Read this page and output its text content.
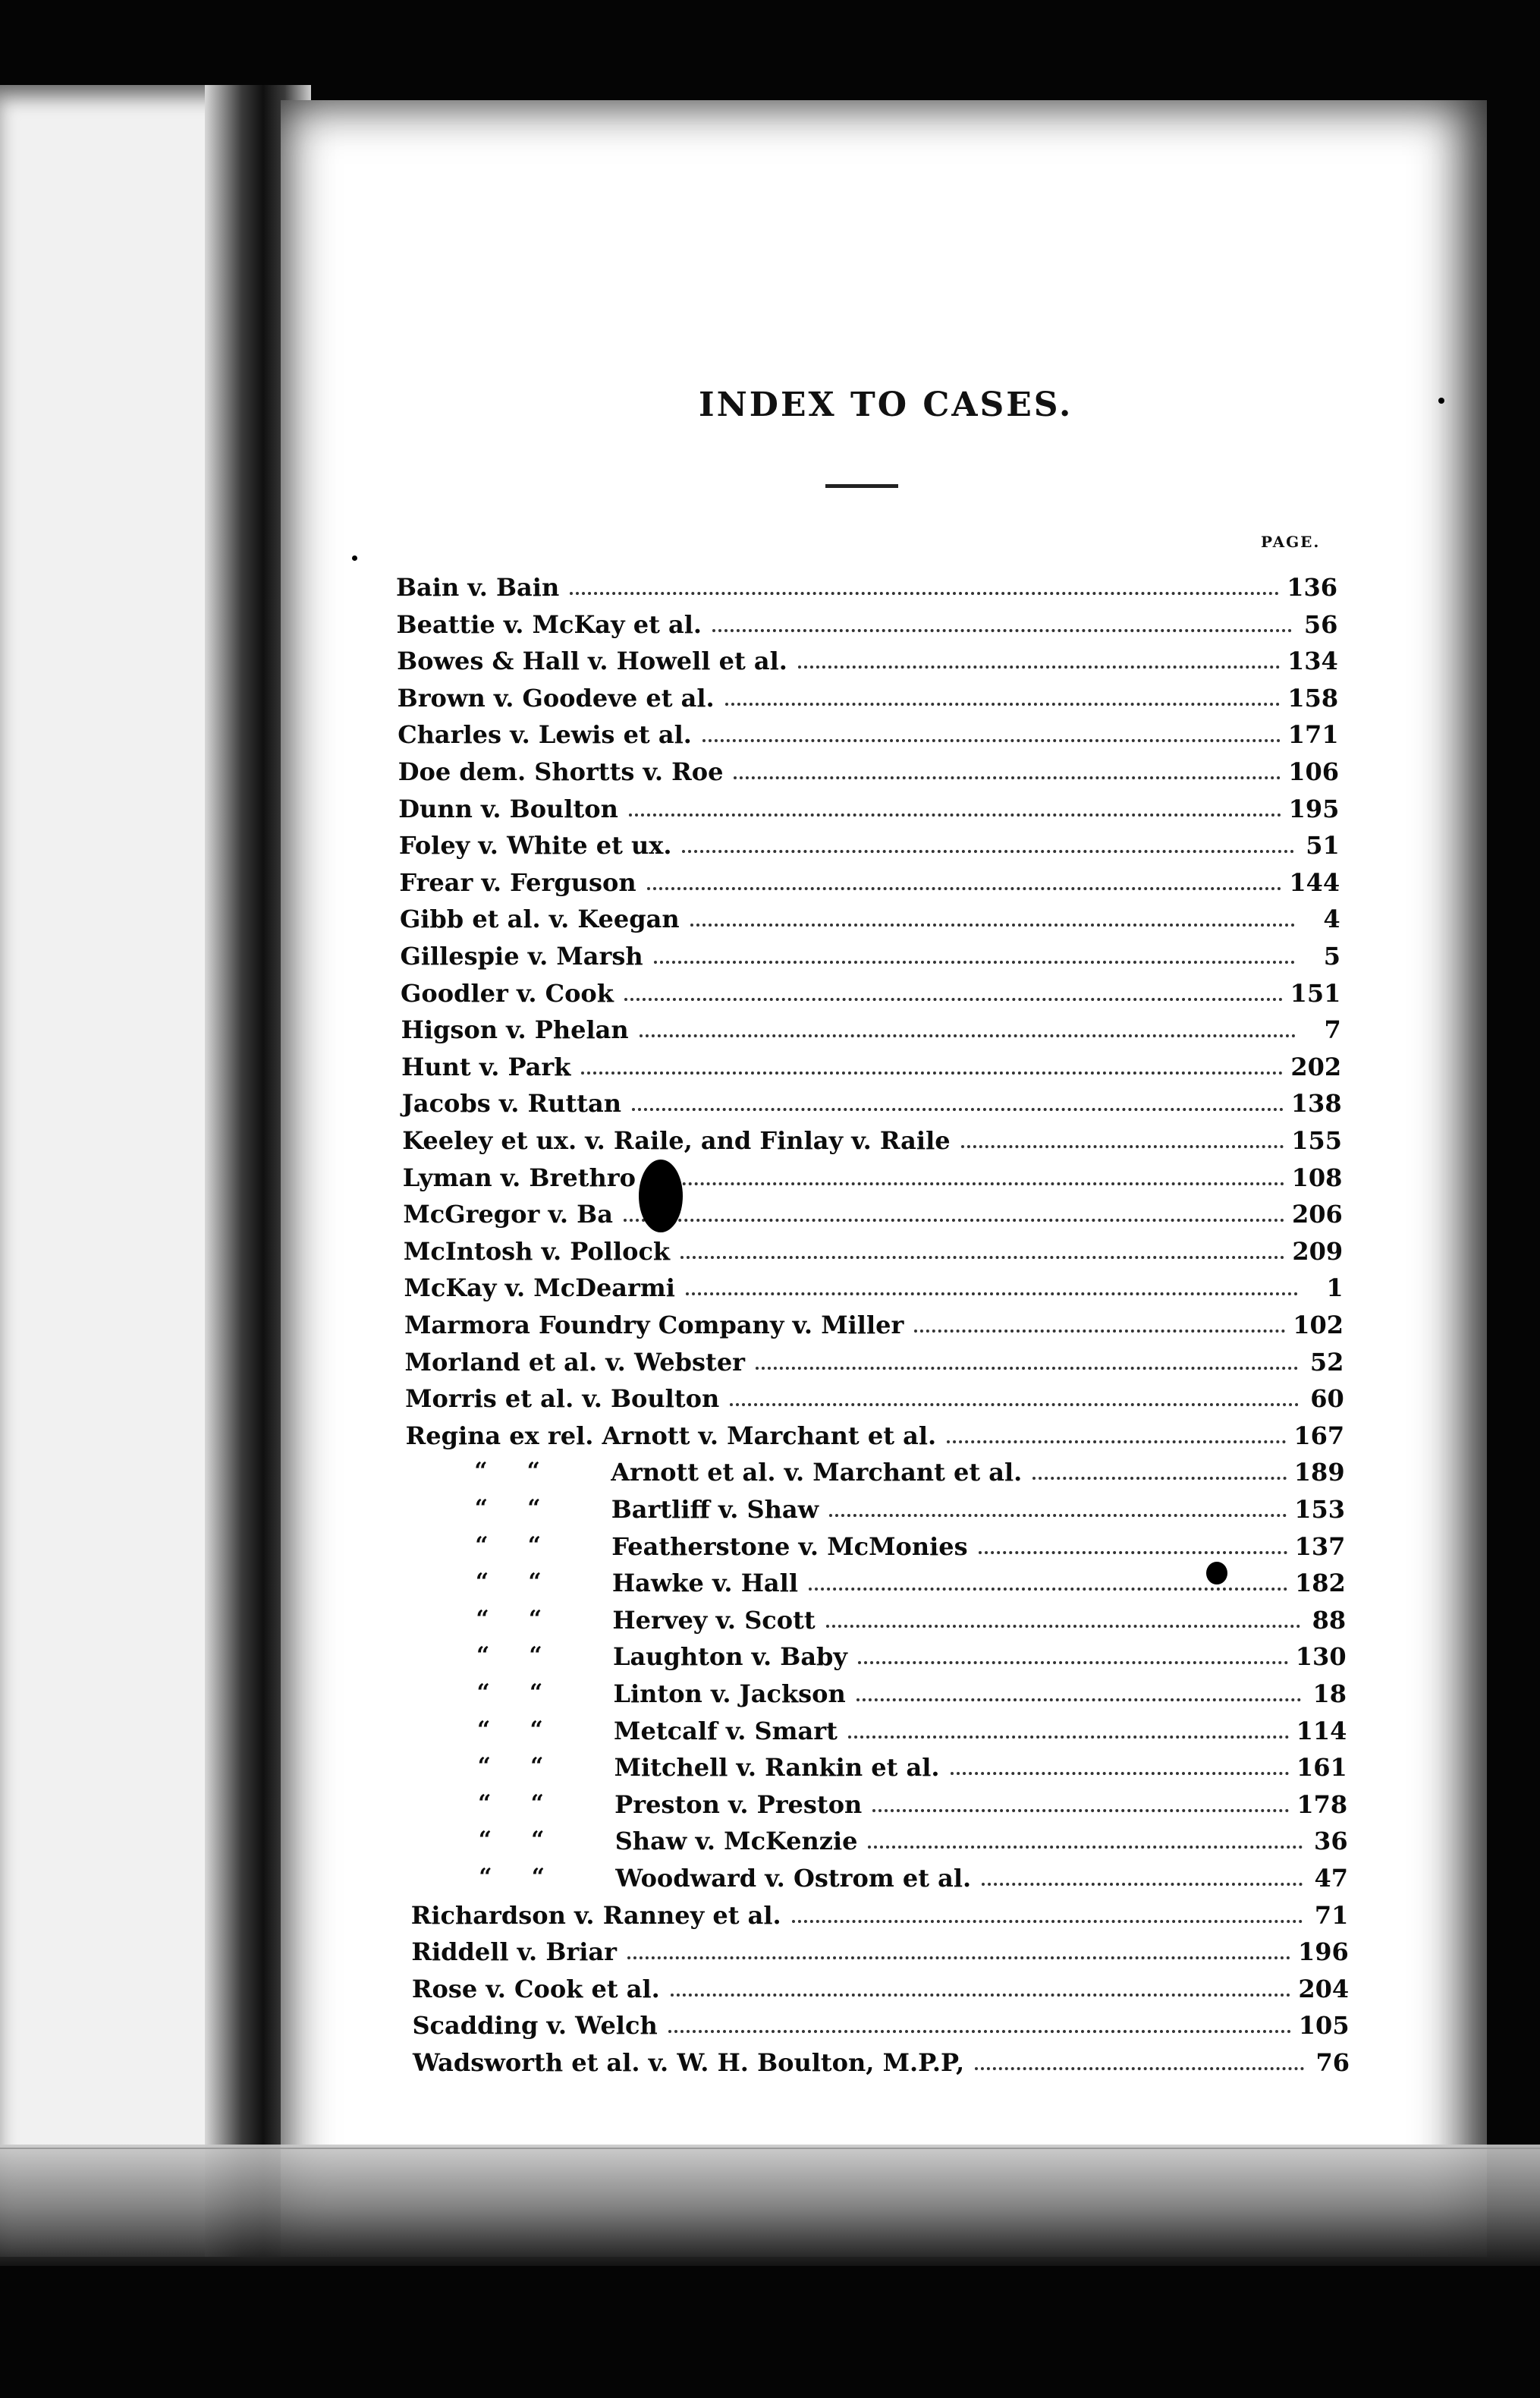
INDEX TO CASES.
PAGE.
Bain v. Bain	136
Beattie v. McKay et al.	56
Bowes & Hall v. Howell et al.	134
Brown v. Goodeve et al.	158
Charles v. Lewis et al.	171
Doe dem. Shortts v. Roe	106
Dunn v. Boulton	195
Foley v. White et ux.	51
Frear v. Ferguson	144
Gibb et al. v. Keegan	4
Gillespie v. Marsh	5
Goodler v. Cook	151
Higson v. Phelan	7
Hunt v. Park	202
Jacobs v. Ruttan	138
Keeley et ux. v. Raile, and Finlay v. Raile	155
Lyman v. Brethro	108
McGregor v. Ba	206
McIntosh v. Pollock	209
McKay v. McDearmi	1
Marmora Foundry Company v. Miller	102
Morland et al. v. Webster	52
Morris et al. v. Boulton	60
Regina ex rel. Arnott v. Marchant et al.	167
“     “	Arnott et al. v. Marchant et al.	189
“     “	Bartliff v. Shaw	153
“     “	Featherstone v. McMonies	137
“     “	Hawke v. Hall	182
“     “	Hervey v. Scott	88
“     “	Laughton v. Baby	130
“     “	Linton v. Jackson	18
“     “	Metcalf v. Smart	114
“     “	Mitchell v. Rankin et al.	161
“     “	Preston v. Preston	178
“     “	Shaw v. McKenzie	36
“     “	Woodward v. Ostrom et al.	47
Richardson v. Ranney et al.	71
Riddell v. Briar	196
Rose v. Cook et al.	204
Scadding v. Welch	105
Wadsworth et al. v. W. H. Boulton, M.P.P,	76
